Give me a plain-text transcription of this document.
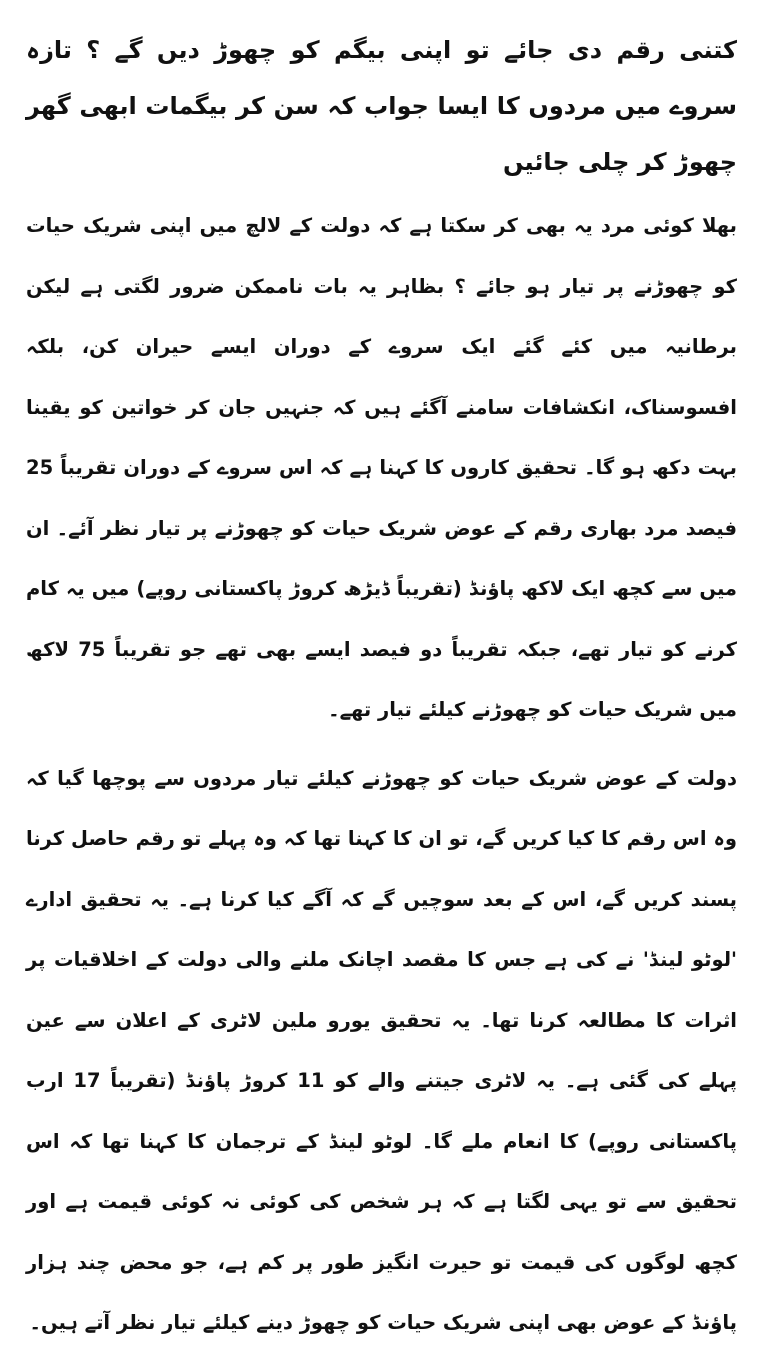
کتنی رقم دی جائے تو اپنی بیگم کو چھوڑ دیں گے ؟ تازہ سروے میں مردوں کا ایسا جواب کہ سن کر بیگمات ابھی گھر چھوڑ کر چلی جائیں
بھلا کوئی مرد یہ بھی کر سکتا ہے کہ دولت کے لالچ میں اپنی شریک حیات کو چھوڑنے پر تیار ہو جائے ؟ بظاہر یہ بات ناممکن ضرور لگتی ہے لیکن برطانیہ میں کئے گئے ایک سروے کے دوران ایسے حیران کن، بلکہ افسوسناک، انکشافات سامنے آگئے ہیں کہ جنہیں جان کر خواتین کو یقینا بہت دکھ ہو گا۔ تحقیق کاروں کا کہنا ہے کہ اس سروے کے دوران تقریباً 25 فیصد مرد بھاری رقم کے عوض شریک حیات کو چھوڑنے پر تیار نظر آئے۔ ان میں سے کچھ ایک لاکھ پاؤنڈ (تقریباً ڈیڑھ کروڑ پاکستانی روپے) میں یہ کام کرنے کو تیار تھے، جبکہ تقریباً دو فیصد ایسے بھی تھے جو تقریباً 75 لاکھ میں شریک حیات کو چھوڑنے کیلئے تیار تھے۔
دولت کے عوض شریک حیات کو چھوڑنے کیلئے تیار مردوں سے پوچھا گیا کہ وہ اس رقم کا کیا کریں گے، تو ان کا کہنا تھا کہ وہ پہلے تو رقم حاصل کرنا پسند کریں گے، اس کے بعد سوچیں گے کہ آگے کیا کرنا ہے۔ یہ تحقیق ادارے 'لوٹو لینڈ' نے کی ہے جس کا مقصد اچانک ملنے والی دولت کے اخلاقیات پر اثرات کا مطالعہ کرنا تھا۔ یہ تحقیق یورو ملین لاٹری کے اعلان سے عین پہلے کی گئی ہے۔ یہ لاٹری جیتنے والے کو 11 کروڑ پاؤنڈ (تقریباً 17 ارب پاکستانی روپے) کا انعام ملے گا۔ لوٹو لینڈ کے ترجمان کا کہنا تھا کہ اس تحقیق سے تو یہی لگتا ہے کہ ہر شخص کی کوئی نہ کوئی قیمت ہے اور کچھ لوگوں کی قیمت تو حیرت انگیز طور پر کم ہے، جو محض چند ہزار پاؤنڈ کے عوض بھی اپنی شریک حیات کو چھوڑ دینے کیلئے تیار نظر آتے ہیں۔
